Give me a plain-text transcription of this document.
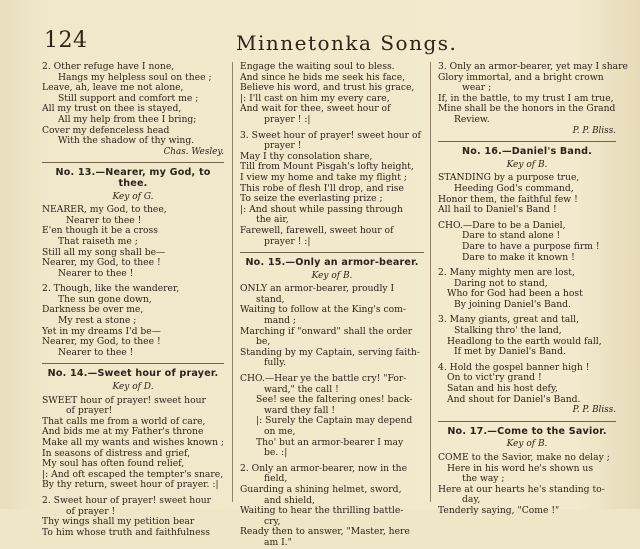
124	Minnetonka Songs.
2. Other refuge have I none,
Hangs my helpless soul on thee ;
Leave, ah, leave me not alone,
Still support and comfort me ;
All my trust on thee is stayed,
All my help from thee I bring;
Cover my defenceless head
With the shadow of thy wing.
Chas. Wesley.
No. 13.—Nearer, my God, to thee.
Key of G.
NEARER, my God, to thee,
Nearer to thee !
E'en though it be a cross
That raiseth me ;
Still all my song shall be—
Nearer, my God, to thee !
Nearer to thee !
2. Though, like the wanderer,
The sun gone down,
Darkness be over me,
My rest a stone ;
Yet in my dreams I'd be—
Nearer, my God, to thee !
Nearer to thee !
No. 14.—Sweet hour of prayer.
Key of D.
SWEET hour of prayer! sweet hour
of prayer!
That calls me from a world of care,
And bids me at my Father's throne
Make all my wants and wishes known ;
In seasons of distress and grief,
My soul has often found relief,
|: And oft escaped the tempter's snare,
By thy return, sweet hour of prayer. :|
2. Sweet hour of prayer! sweet hour
of prayer !
Thy wings shall my petition bear
To him whose truth and faithfulness
Engage the waiting soul to bless.
And since he bids me seek his face,
Believe his word, and trust his grace,
|: I'll cast on him my every care,
And wait for thee, sweet hour of
prayer ! :|
3. Sweet hour of prayer! sweet hour of
prayer !
May I thy consolation share,
Till from Mount Pisgah's lofty height,
I view my home and take my flight ;
This robe of flesh I'll drop, and rise
To seize the everlasting prize ;
|: And shout while passing through
the air,
Farewell, farewell, sweet hour of
prayer ! :|
No. 15.—Only an armor-bearer.
Key of B.
ONLY an armor-bearer, proudly I
stand,
Waiting to follow at the King's com-
mand ;
Marching if "onward" shall the order
be,
Standing by my Captain, serving faith-
fully.
CHO.—Hear ye the battle cry! "For-
ward," the call !
See! see the faltering ones! back-
ward they fall !
|: Surely the Captain may depend
on me,
Tho' but an armor-bearer I may
be. :|
2. Only an armor-bearer, now in the
field,
Guarding a shining helmet, sword,
and shield,
Waiting to hear the thrilling battle-
cry,
Ready then to answer, "Master, here
am I."
3. Only an armor-bearer, yet may I share
Glory immortal, and a bright crown
wear ;
If, in the battle, to my trust I am true,
Mine shall be the honors in the Grand
Review.
P. P. Bliss.
No. 16.—Daniel's Band.
Key of B.
STANDING by a purpose true,
Heeding God's command,
Honor them, the faithful few !
All hail to Daniel's Band !
CHO.—Dare to be a Daniel,
Dare to stand alone !
Dare to have a purpose firm !
Dare to make it known !
2. Many mighty men are lost,
Daring not to stand,
Who for God had been a host
By joining Daniel's Band.
3. Many giants, great and tall,
Stalking thro' the land,
Headlong to the earth would fall,
If met by Daniel's Band.
4. Hold the gospel banner high !
On to vict'ry grand !
Satan and his host defy,
And shout for Daniel's Band.
P. P. Bliss.
No. 17.—Come to the Savior.
Key of B.
COME to the Savior, make no delay ;
Here in his word he's shown us
the way ;
Here at our hearts he's standing to-
day,
Tenderly saying, "Come !"
